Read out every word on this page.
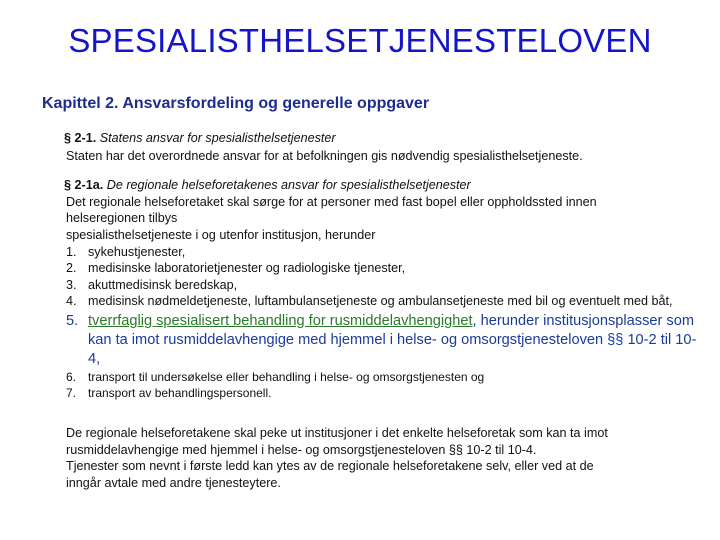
SPESIALISTHELSETJENESTELOVEN
Kapittel 2. Ansvarsfordeling og generelle oppgaver
§ 2-1. Statens ansvar for spesialisthelsetjenester
Staten har det overordnede ansvar for at befolkningen gis nødvendig spesialisthelsetjeneste.
§ 2-1a. De regionale helseforetakenes ansvar for spesialisthelsetjenester
Det regionale helseforetaket skal sørge for at personer med fast bopel eller oppholdssted innen
helseregionen tilbys
spesialisthelsetjeneste i og utenfor institusjon, herunder
1. sykehustjenester,
2. medisinske laboratorietjenester og radiologiske tjenester,
3. akuttmedisinsk beredskap,
4. medisinsk nødmeldetjeneste, luftambulansetjeneste og ambulansetjeneste med bil og eventuelt med båt,
5. tverrfaglig spesialisert behandling for rusmiddelavhengighet, herunder institusjonsplasser som kan ta imot rusmiddelavhengige med hjemmel i helse- og omsorgstjenesteloven §§ 10-2 til 10-4,
6. transport til undersøkelse eller behandling i helse- og omsorgstjenesten og
7. transport av behandlingspersonell.
De regionale helseforetakene skal peke ut institusjoner i det enkelte helseforetak som kan ta imot
rusmiddelavhengige med hjemmel i helse- og omsorgstjenesteloven §§ 10-2 til 10-4.
Tjenester som nevnt i første ledd kan ytes av de regionale helseforetakene selv, eller ved at de
inngår avtale med andre tjenesteytere.
